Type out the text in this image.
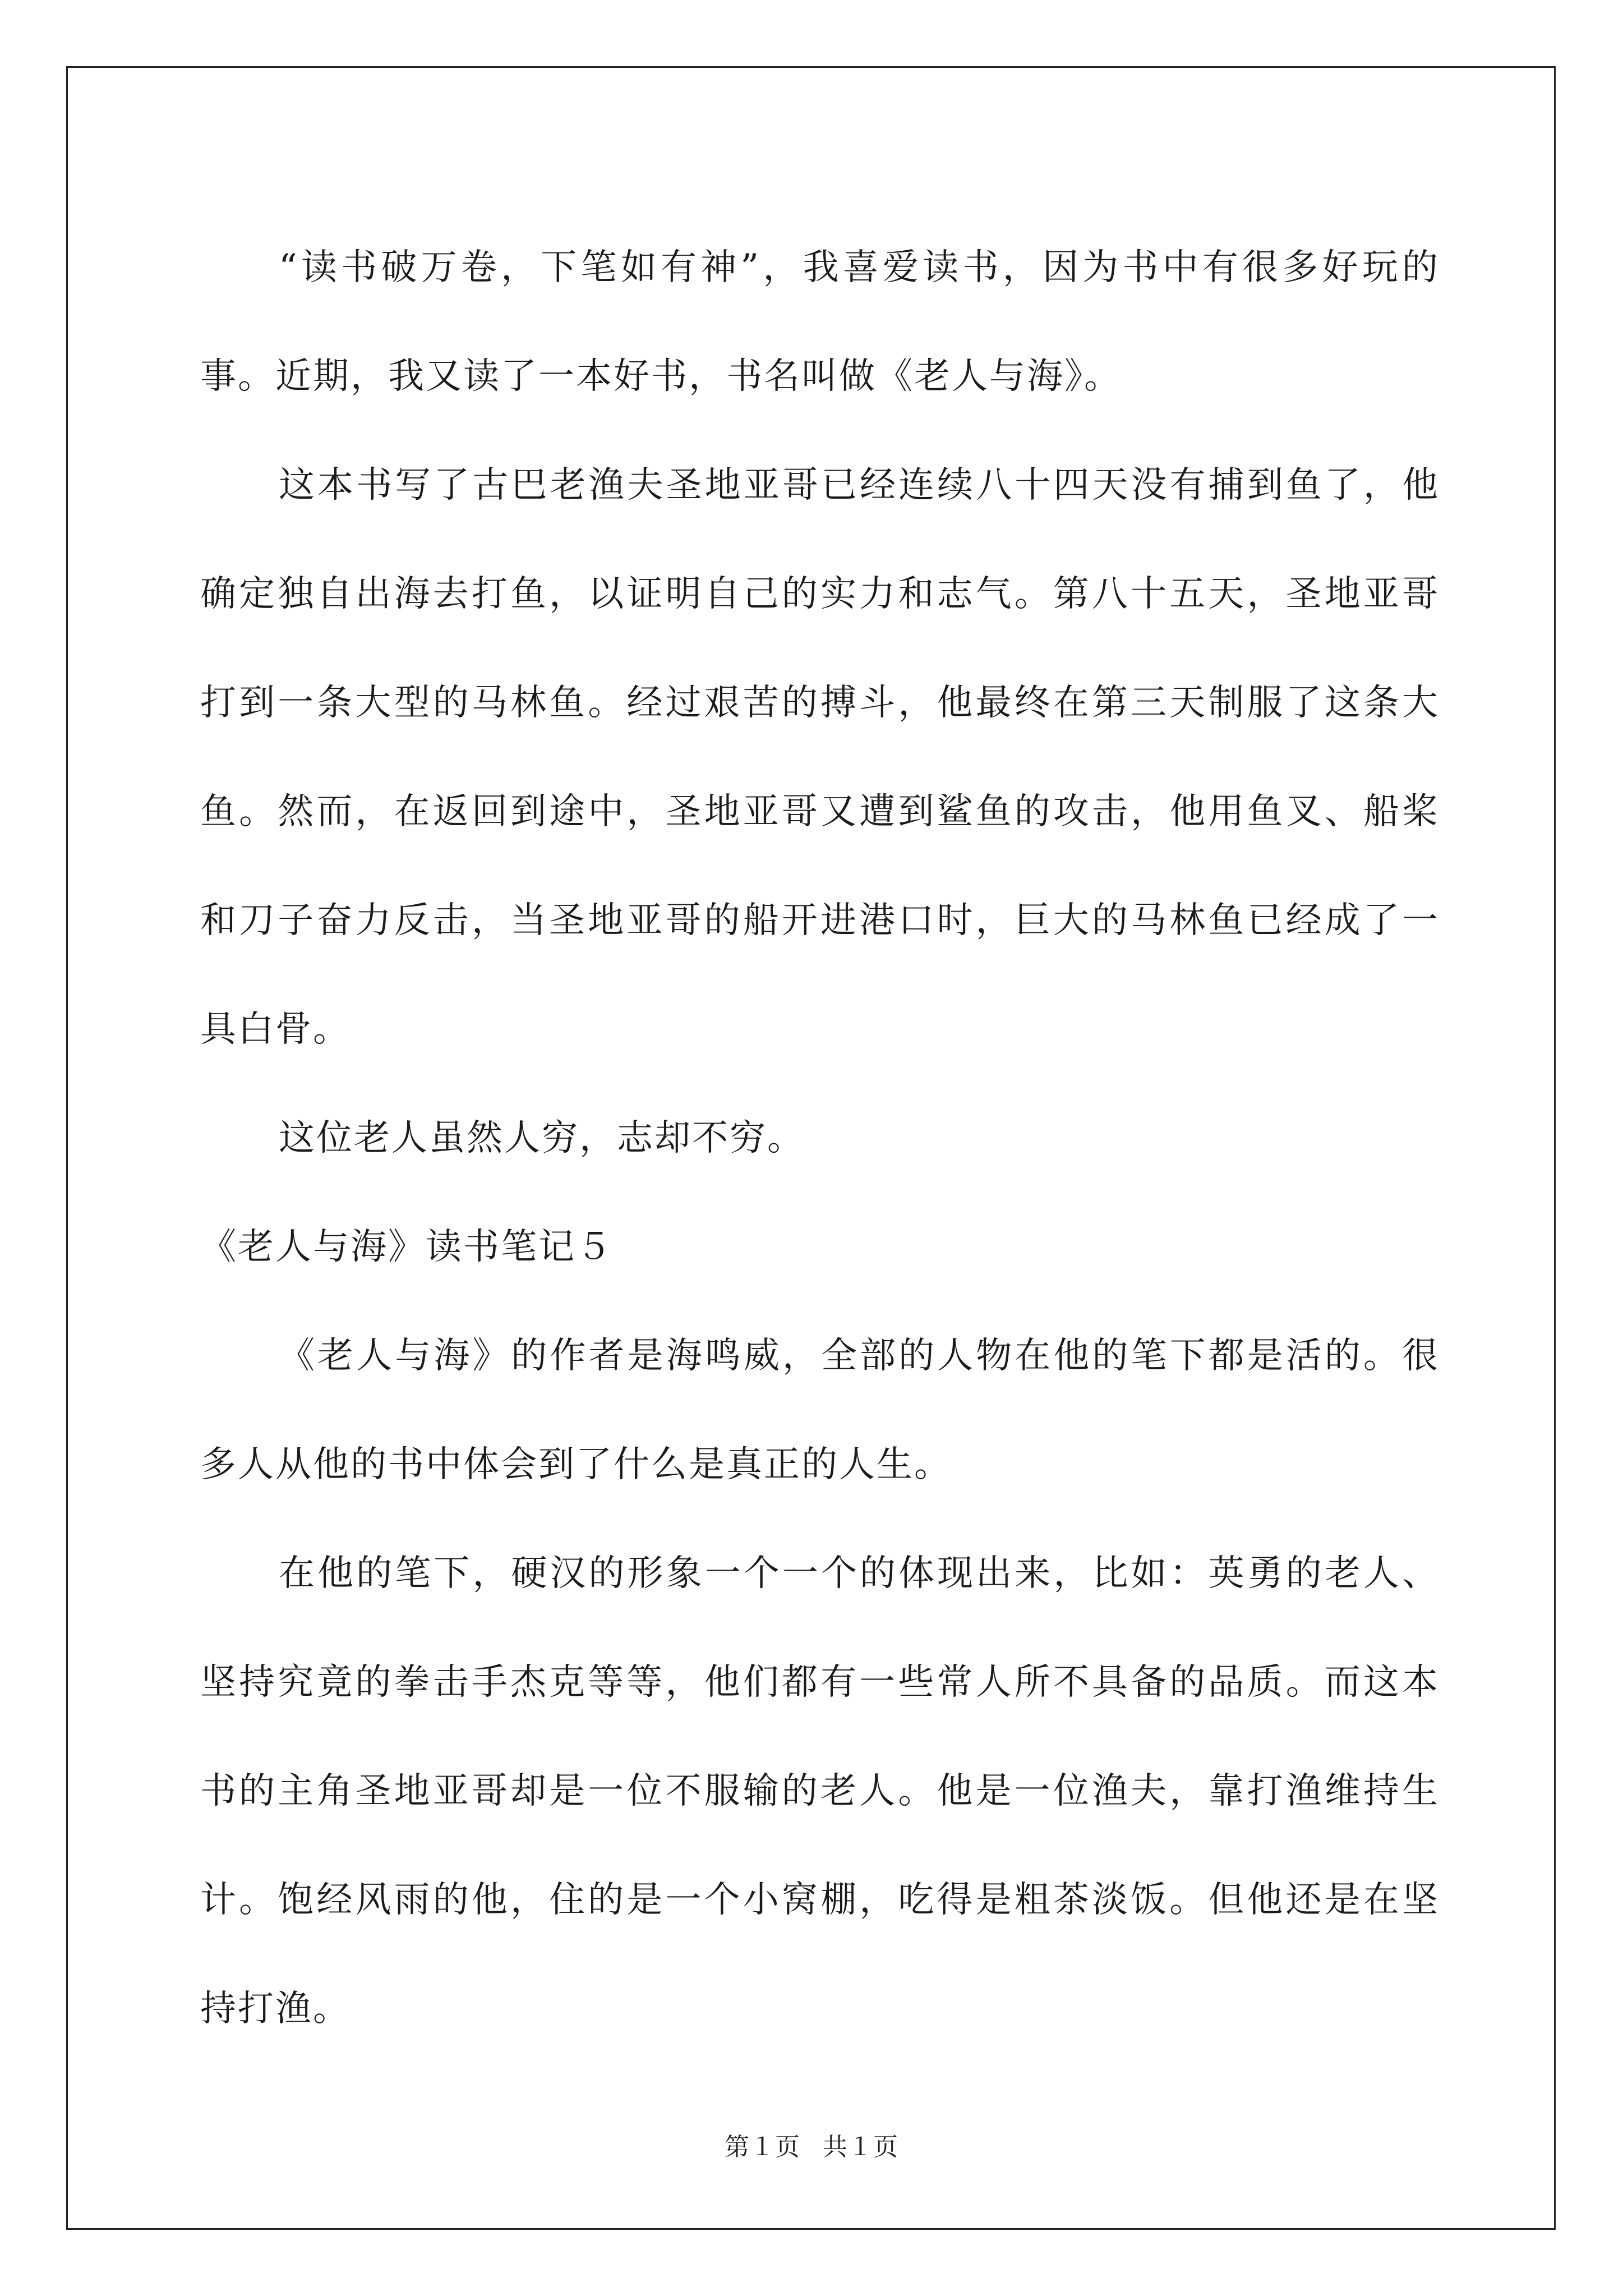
“读书破万卷，下笔如有神”，我喜爱读书，因为书中有很多好玩的事。近期，我又读了一本好书，书名叫做《老人与海》。

这本书写了古巴老渔夫圣地亚哥已经连续八十四天没有捕到鱼了，他确定独自出海去打鱼，以证明自己的实力和志气。第八十五天，圣地亚哥打到一条大型的马林鱼。经过艰苦的搏斗，他最终在第三天制服了这条大鱼。然而，在返回到途中，圣地亚哥又遭到鲨鱼的攻击，他用鱼叉、船桨和刀子奋力反击，当圣地亚哥的船开进港口时，巨大的马林鱼已经成了一具白骨。

这位老人虽然人穷，志却不穷。

《老人与海》读书笔记５

《老人与海》的作者是海鸣威，全部的人物在他的笔下都是活的。很多人从他的书中体会到了什么是真正的人生。

在他的笔下，硬汉的形象一个一个的体现出来，比如：英勇的老人、坚持究竟的拳击手杰克等等，他们都有一些常人所不具备的品质。而这本书的主角圣地亚哥却是一位不服输的老人。他是一位渔夫，靠打渔维持生计。饱经风雨的他，住的是一个小窝棚，吃得是粗茶淡饭。但他还是在坚持打渔。

第１页 共１页
